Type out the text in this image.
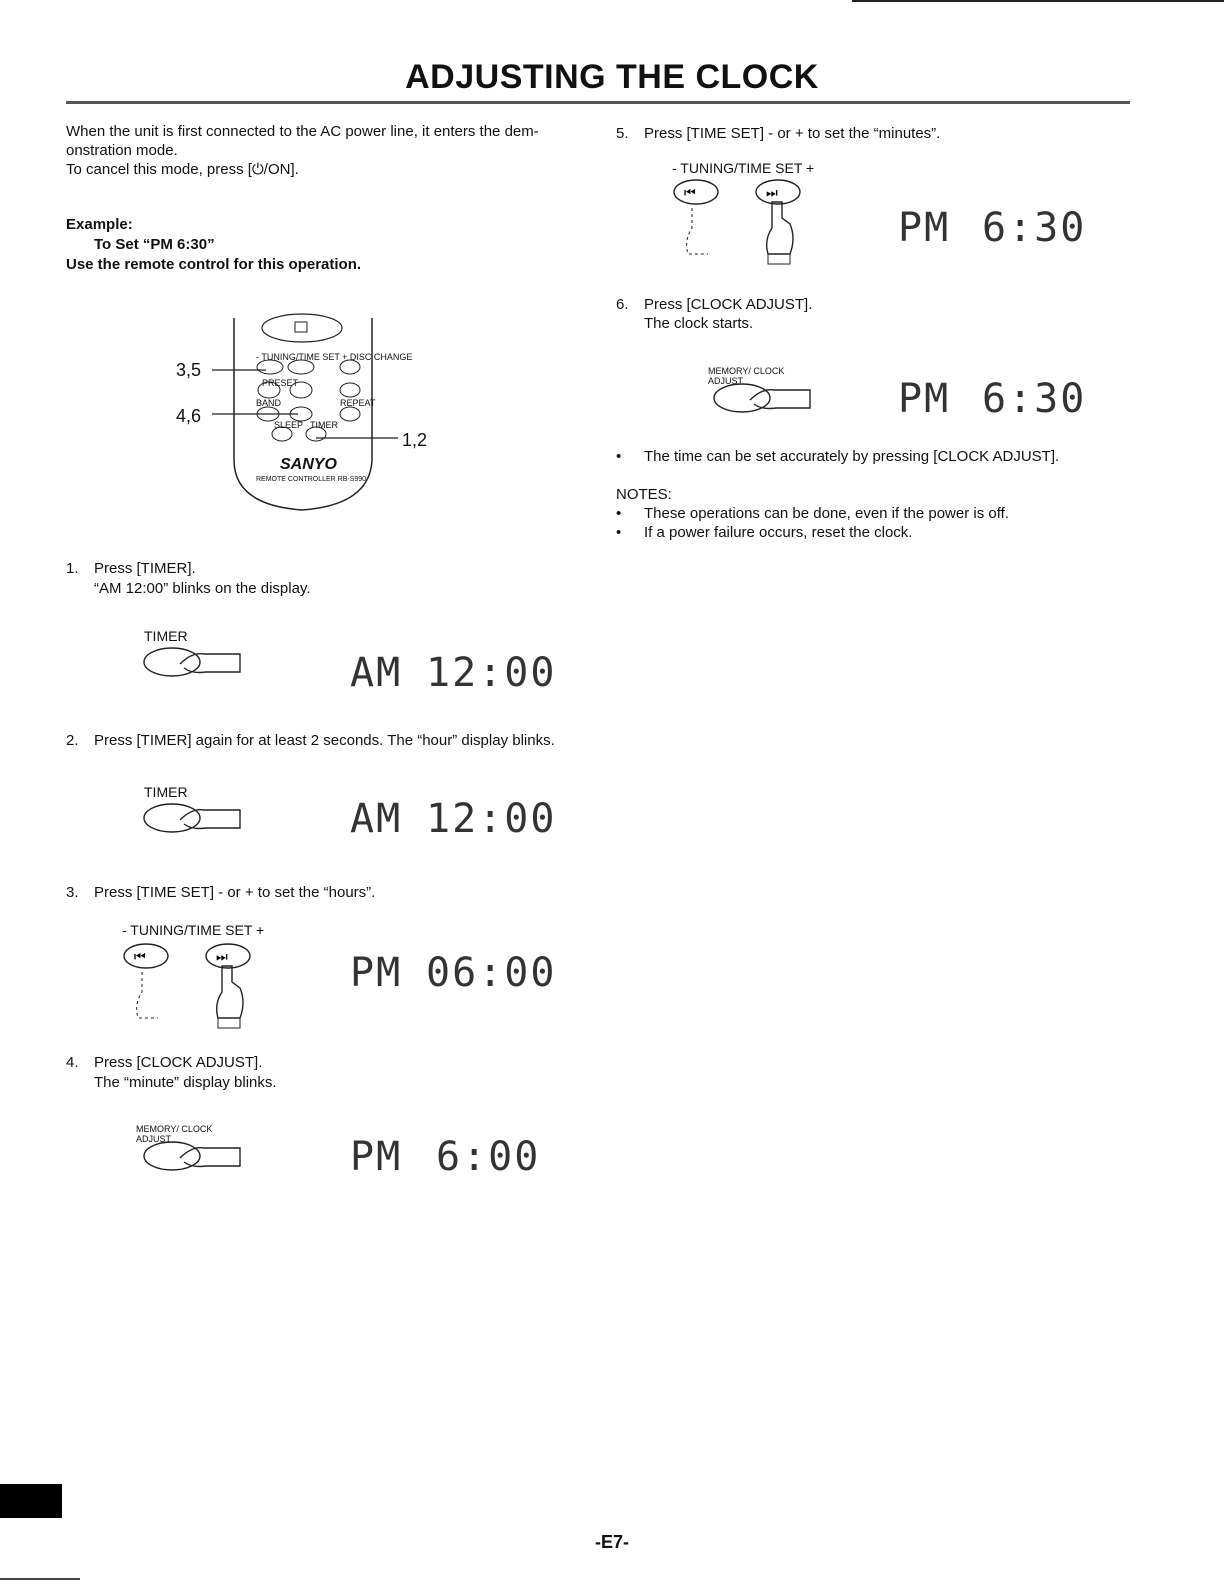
ADJUSTING THE CLOCK
When the unit is first connected to the AC power line, it enters the dem-
onstration mode.
To cancel this mode, press [⏻/ON].
Example:
To Set “PM 6:30”
Use the remote control for this operation.
- TUNING/TIME SET + DISC CHANGE
PRESET
BAND	REPEAT
SLEEP TIMER
SANYO
REMOTE CONTROLLER RB-S990
3,5
4,6
1,2
1. Press [TIMER].
“AM 12:00” blinks on the display.
TIMER
AM 12:00
2. Press [TIMER] again for at least 2 seconds. The “hour” display blinks.
TIMER
AM 12:00
3. Press [TIME SET] - or + to set the “hours”.
- TUNING/TIME SET +
⏮	⏭	PM 06:00
4. Press [CLOCK ADJUST].
The “minute” display blinks.
MEMORY/ CLOCK ADJUST	PM 6:00
5. Press [TIME SET] - or + to set the “minutes”.
- TUNING/TIME SET +
⏮	⏭
PM 6:30
6. Press [CLOCK ADJUST].
The clock starts.
MEMORY/ CLOCK ADJUST	PM 6:30
• The time can be set accurately by pressing [CLOCK ADJUST].
NOTES:
• These operations can be done, even if the power is off.
• If a power failure occurs, reset the clock.
-E7-
